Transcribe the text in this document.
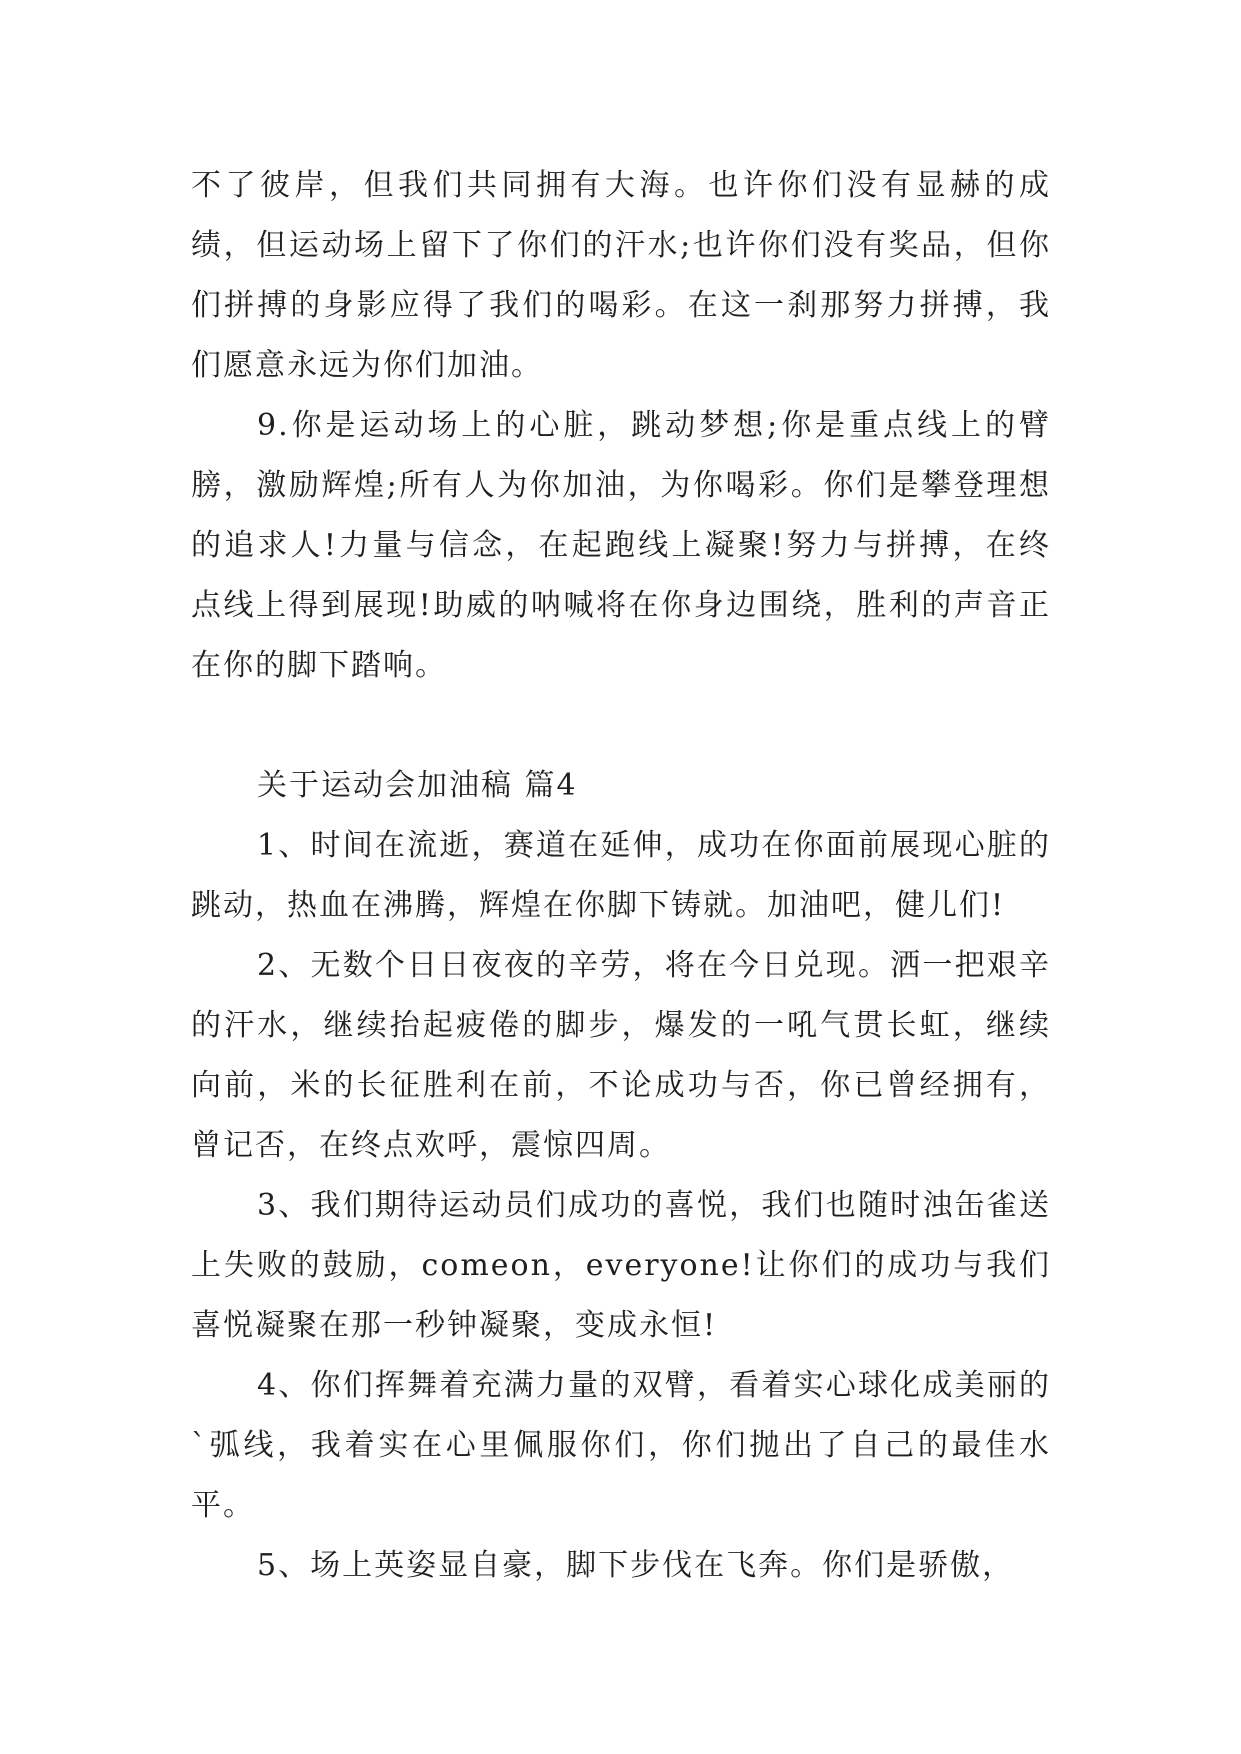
不了彼岸，但我们共同拥有大海。也许你们没有显赫的成绩，但运动场上留下了你们的汗水;也许你们没有奖品，但你们拼搏的身影应得了我们的喝彩。在这一刹那努力拼搏，我们愿意永远为你们加油。

9.你是运动场上的心脏，跳动梦想;你是重点线上的臂膀，激励辉煌;所有人为你加油，为你喝彩。你们是攀登理想的追求人!力量与信念，在起跑线上凝聚!努力与拼搏，在终点线上得到展现!助威的呐喊将在你身边围绕，胜利的声音正在你的脚下踏响。

关于运动会加油稿 篇4

1、时间在流逝，赛道在延伸，成功在你面前展现心脏的跳动，热血在沸腾，辉煌在你脚下铸就。加油吧，健儿们!

2、无数个日日夜夜的辛劳，将在今日兑现。洒一把艰辛的汗水，继续抬起疲倦的脚步，爆发的一吼气贯长虹，继续向前，米的长征胜利在前，不论成功与否，你已曾经拥有，曾记否，在终点欢呼，震惊四周。

3、我们期待运动员们成功的喜悦，我们也随时浊缶雀送上失败的鼓励，comeon，everyone!让你们的成功与我们喜悦凝聚在那一秒钟凝聚，变成永恒!

4、你们挥舞着充满力量的双臂，看着实心球化成美丽的`弧线，我着实在心里佩服你们，你们抛出了自己的最佳水平。

5、场上英姿显自豪，脚下步伐在飞奔。你们是骄傲，
